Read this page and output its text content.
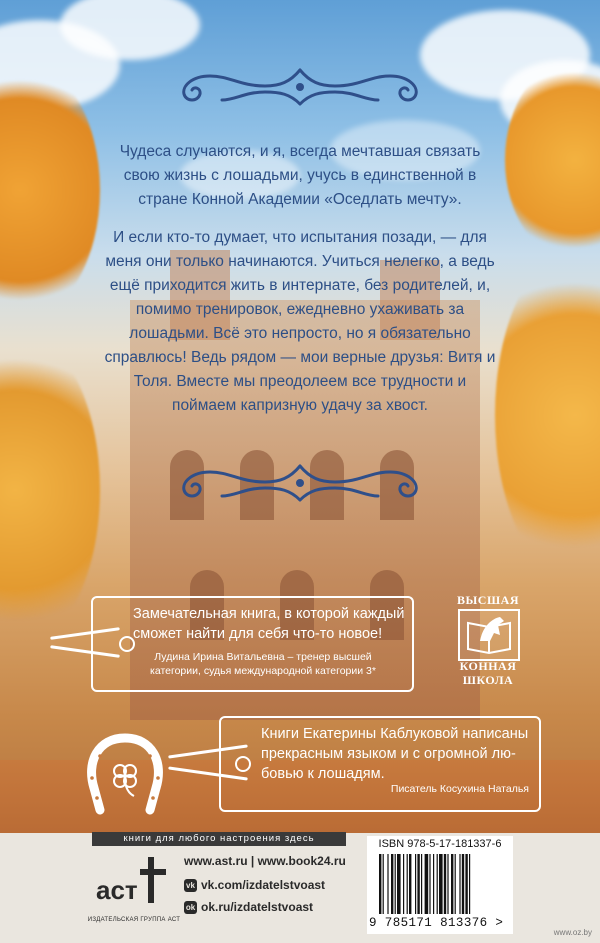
Чудеса случаются, и я, всегда мечтавшая связать свою жизнь с лошадьми, учусь в единственной в стране Конной Академии «Оседлать мечту».

И если кто-то думает, что испытания позади, — для меня они только начинаются. Учиться нелегко, а ведь ещё приходится жить в интернате, без родителей, и, помимо тренировок, ежедневно ухаживать за лошадьми. Всё это непросто, но я обязательно справлюсь! Ведь рядом — мои верные друзья: Витя и Толя. Вместе мы преодолеем все трудности и поймаем капризную удачу за хвост.

Замечательная книга, в которой каждый
сможет найти для себя что-то новое!
Лудина Ирина Витальевна – тренер высшей
категории, судья международной категории 3*
ВЫСШАЯ
КОННАЯ
ШКОЛА
Книги Екатерины Каблуковой написаны
прекрасным языком и с огромной лю-
бовью к лошадям.
Писатель Косухина Наталья
книги для любого настроения здесь
аст
ИЗДАТЕЛЬСКАЯ ГРУППА АСТ
www.ast.ru | www.book24.ru
vk vk.com/izdatelstvoast
ok ok.ru/izdatelstvoast
ISBN 978-5-17-181337-6
9 785171 813376 >
www.oz.by
